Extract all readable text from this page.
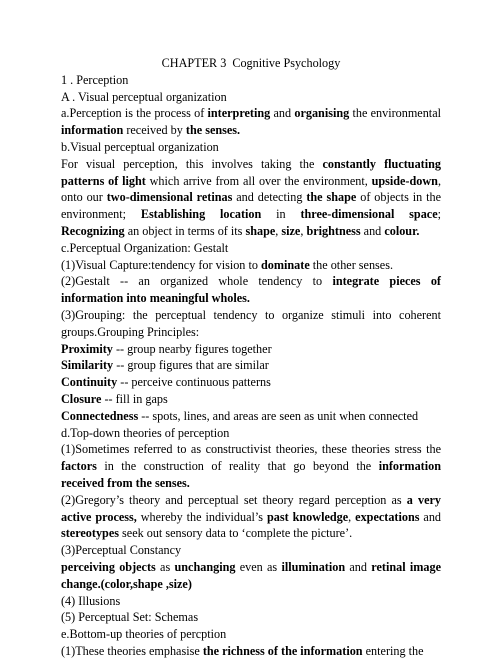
CHAPTER 3 Cognitive Psychology

1 . Perception

A . Visual perceptual organization

a.Perception is the process of interpreting and organising the environmental information received by the senses.

b.Visual perceptual organization

For visual perception, this involves taking the constantly fluctuating patterns of light which arrive from all over the environment, upside-down, onto our two-dimensional retinas and detecting the shape of objects in the environment; Establishing location in three-dimensional space; Recognizing an object in terms of its shape, size, brightness and colour.

c.Perceptual Organization: Gestalt

(1)Visual Capture:tendency for vision to dominate the other senses.

(2)Gestalt -- an organized whole tendency to integrate pieces of information into meaningful wholes.

(3)Grouping: the perceptual tendency to organize stimuli into coherent groups.Grouping Principles:

Proximity -- group nearby figures together

Similarity -- group figures that are similar

Continuity -- perceive continuous patterns

Closure -- fill in gaps

Connectedness -- spots, lines, and areas are seen as unit when connected

d.Top-down theories of perception

(1)Sometimes referred to as constructivist theories, these theories stress the factors in the construction of reality that go beyond the information received from the senses.

(2)Gregory’s theory and perceptual set theory regard perception as a very active process, whereby the individual’s past knowledge, expectations and stereotypes seek out sensory data to ‘complete the picture’.

(3)Perceptual Constancy

perceiving objects as unchanging even as illumination and retinal image change.(color,shape ,size)

(4) Illusions

(5) Perceptual Set: Schemas

e.Bottom-up theories of percption

(1)These theories emphasise the richness of the information entering the
